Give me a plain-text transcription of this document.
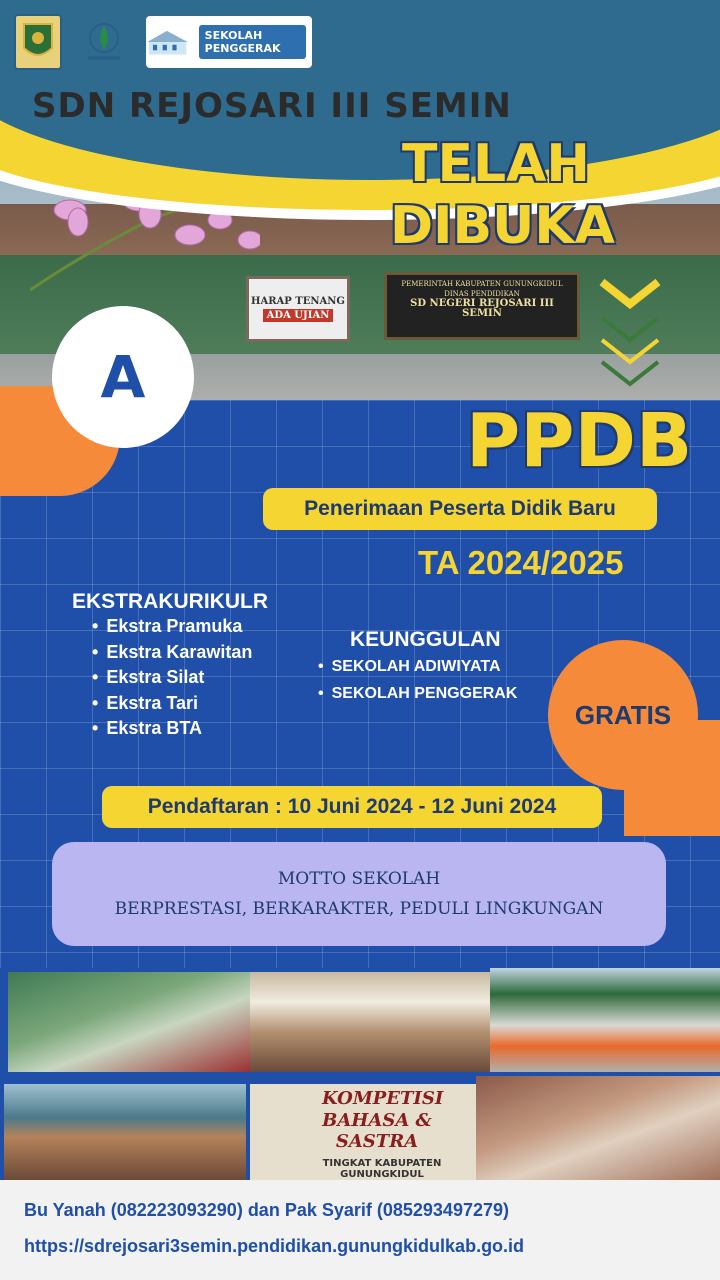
HARAP TENANG
ADA UJIAN
PEMERINTAH KABUPATEN GUNUNGKIDUL
DINAS PENDIDIKAN
SD NEGERI REJOSARI III SEMIN
SEKOLAH PENGGERAK
SDN REJOSARI III SEMIN
TELAH
DIBUKA
A
PPDB
Penerimaan Peserta Didik Baru
TA 2024/2025
EKSTRAKURIKULR
• Ekstra Pramuka
• Ekstra Karawitan
• Ekstra Silat
• Ekstra Tari
• Ekstra BTA
KEUNGGULAN
• SEKOLAH ADIWIYATA
• SEKOLAH PENGGERAK
GRATIS
Pendaftaran : 10 Juni 2024 - 12 Juni 2024
MOTTO SEKOLAH
BERPRESTASI, BERKARAKTER, PEDULI LINGKUNGAN
KOMPETISI
BAHASA & SASTRA
TINGKAT KABUPATEN GUNUNGKIDUL
Bu Yanah (082223093290) dan Pak Syarif (085293497279)
https://sdrejosari3semin.pendidikan.gunungkidulkab.go.id
